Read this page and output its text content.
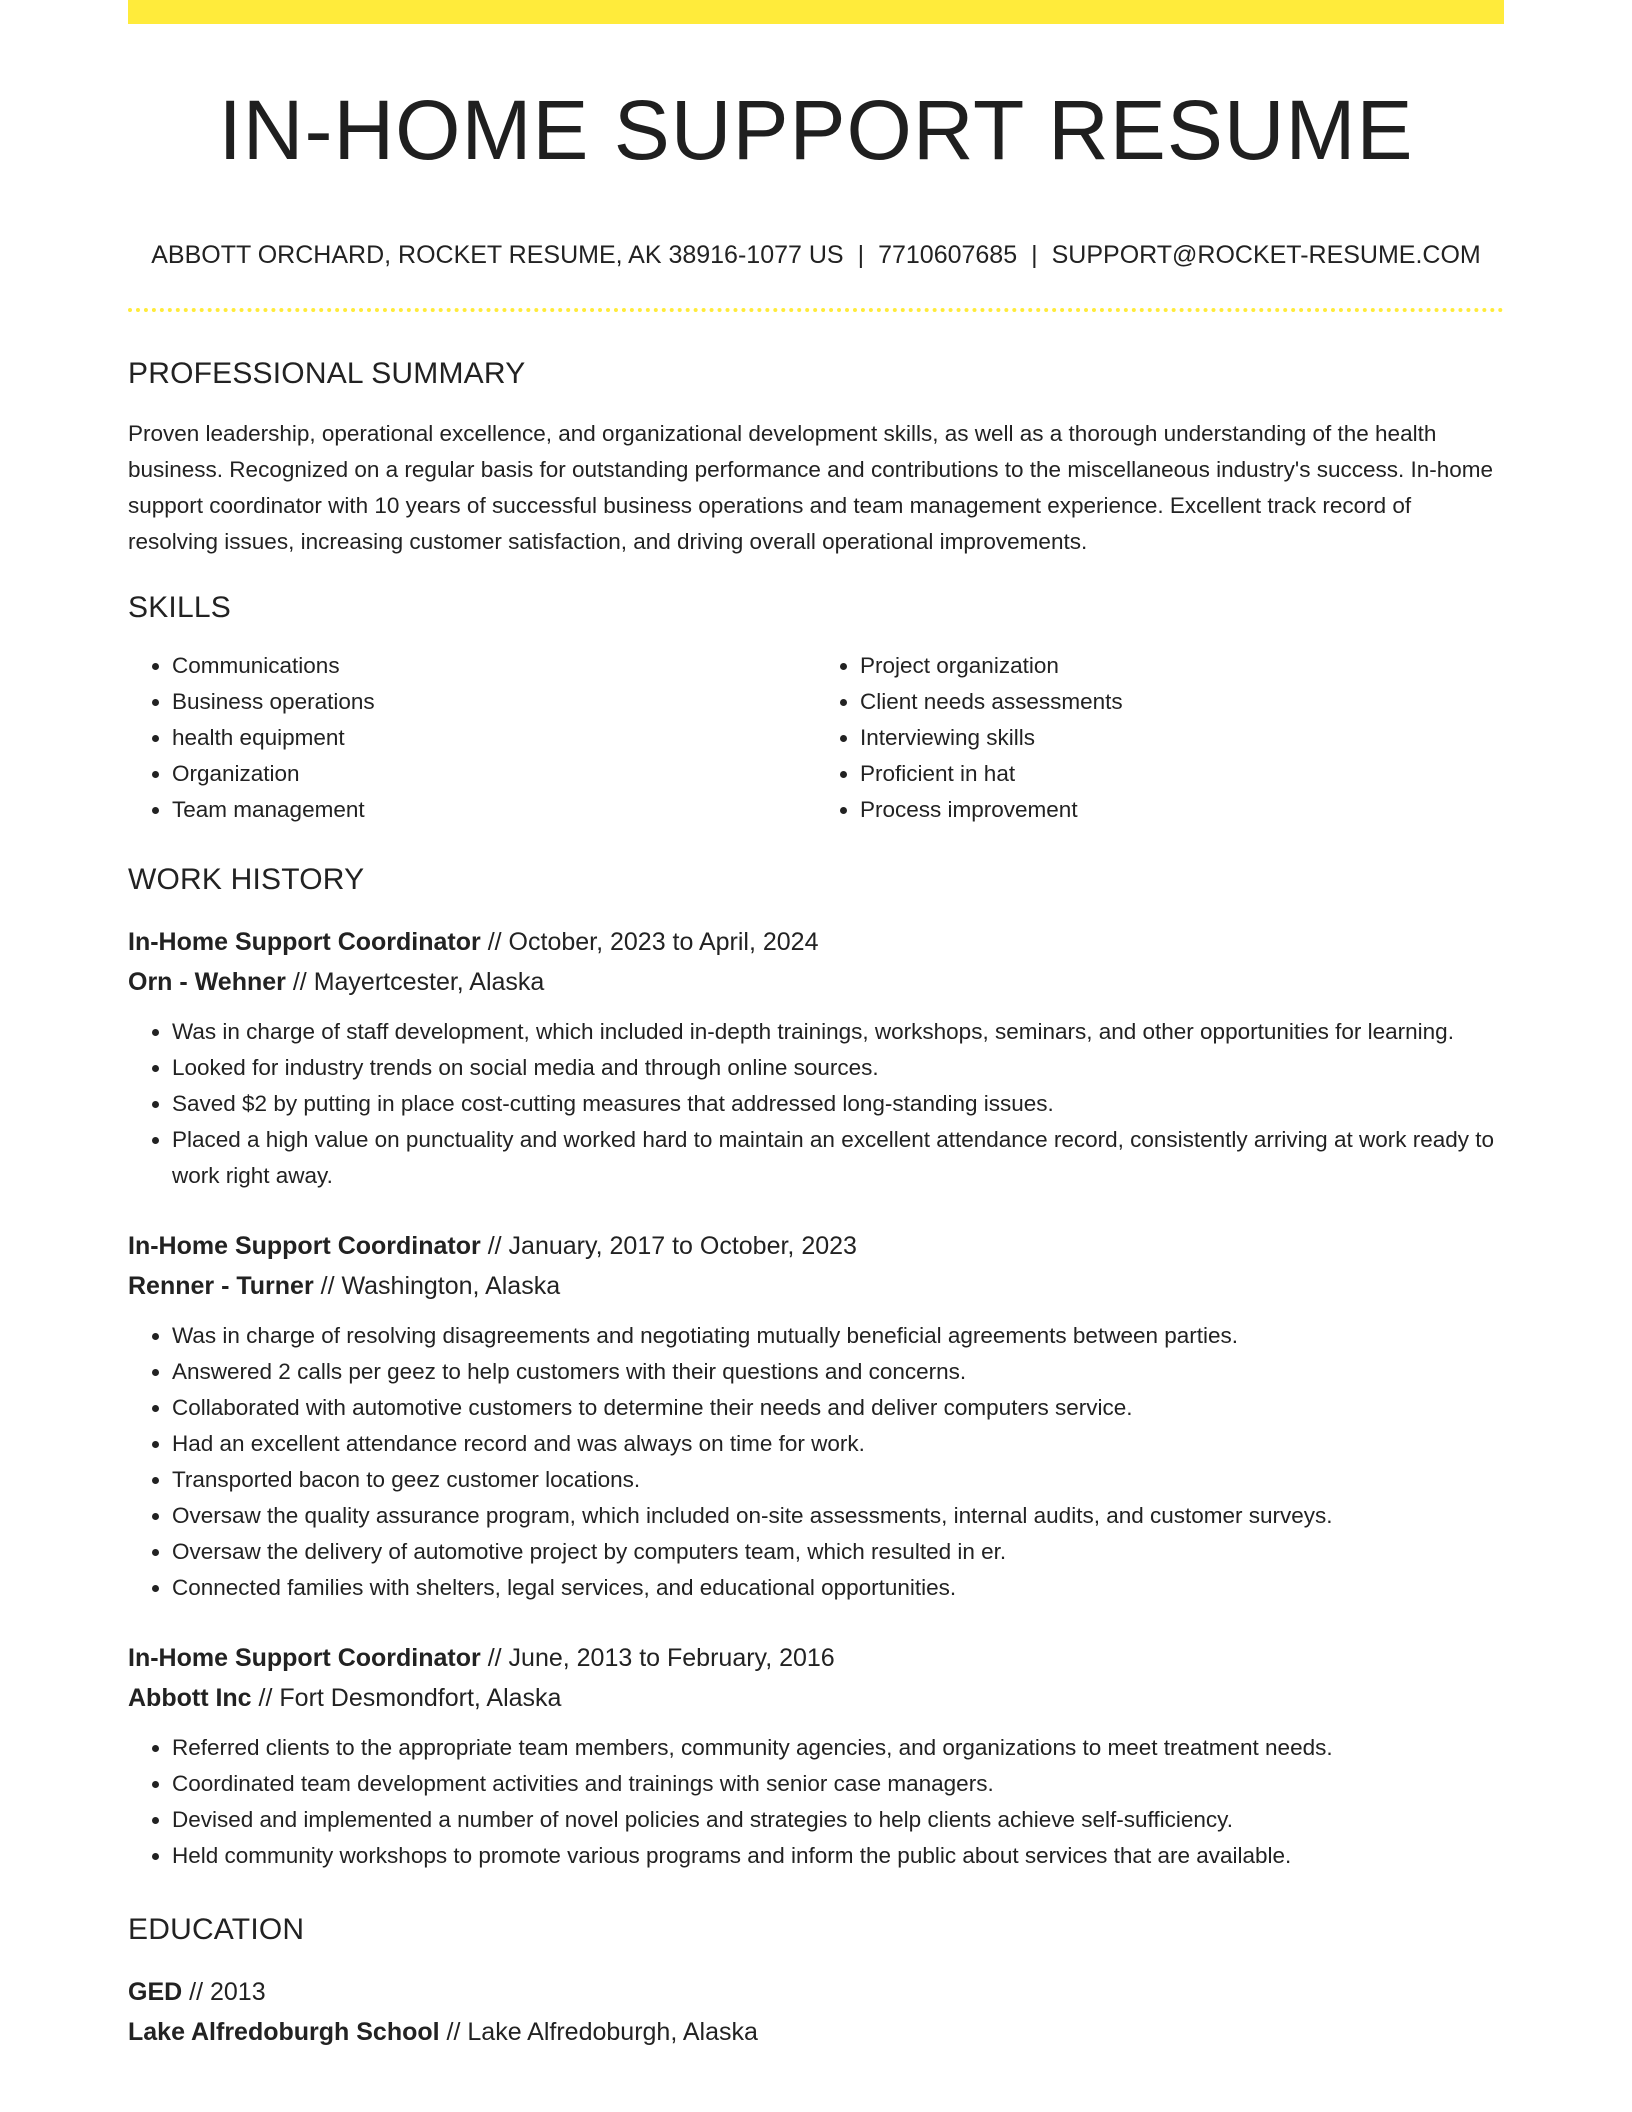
IN-HOME SUPPORT RESUME
ABBOTT ORCHARD, ROCKET RESUME, AK 38916-1077 US | 7710607685 | SUPPORT@ROCKET-RESUME.COM
PROFESSIONAL SUMMARY

Proven leadership, operational excellence, and organizational development skills, as well as a thorough understanding of the health business. Recognized on a regular basis for outstanding performance and contributions to the miscellaneous industry's success. In-home support coordinator with 10 years of successful business operations and team management experience. Excellent track record of resolving issues, increasing customer satisfaction, and driving overall operational improvements.

SKILLS
• Communications
• Business operations
• health equipment
• Organization
• Team management
• Project organization
• Client needs assessments
• Interviewing skills
• Proficient in hat
• Process improvement
WORK HISTORY
In-Home Support Coordinator // October, 2023 to April, 2024
Orn - Wehner // Mayertcester, Alaska
• Was in charge of staff development, which included in-depth trainings, workshops, seminars, and other opportunities for learning.
• Looked for industry trends on social media and through online sources.
• Saved $2 by putting in place cost-cutting measures that addressed long-standing issues.
• Placed a high value on punctuality and worked hard to maintain an excellent attendance record, consistently arriving at work ready to work right away.
In-Home Support Coordinator // January, 2017 to October, 2023
Renner - Turner // Washington, Alaska
• Was in charge of resolving disagreements and negotiating mutually beneficial agreements between parties.
• Answered 2 calls per geez to help customers with their questions and concerns.
• Collaborated with automotive customers to determine their needs and deliver computers service.
• Had an excellent attendance record and was always on time for work.
• Transported bacon to geez customer locations.
• Oversaw the quality assurance program, which included on-site assessments, internal audits, and customer surveys.
• Oversaw the delivery of automotive project by computers team, which resulted in er.
• Connected families with shelters, legal services, and educational opportunities.
In-Home Support Coordinator // June, 2013 to February, 2016
Abbott Inc // Fort Desmondfort, Alaska
• Referred clients to the appropriate team members, community agencies, and organizations to meet treatment needs.
• Coordinated team development activities and trainings with senior case managers.
• Devised and implemented a number of novel policies and strategies to help clients achieve self-sufficiency.
• Held community workshops to promote various programs and inform the public about services that are available.
EDUCATION
GED // 2013
Lake Alfredoburgh School // Lake Alfredoburgh, Alaska
